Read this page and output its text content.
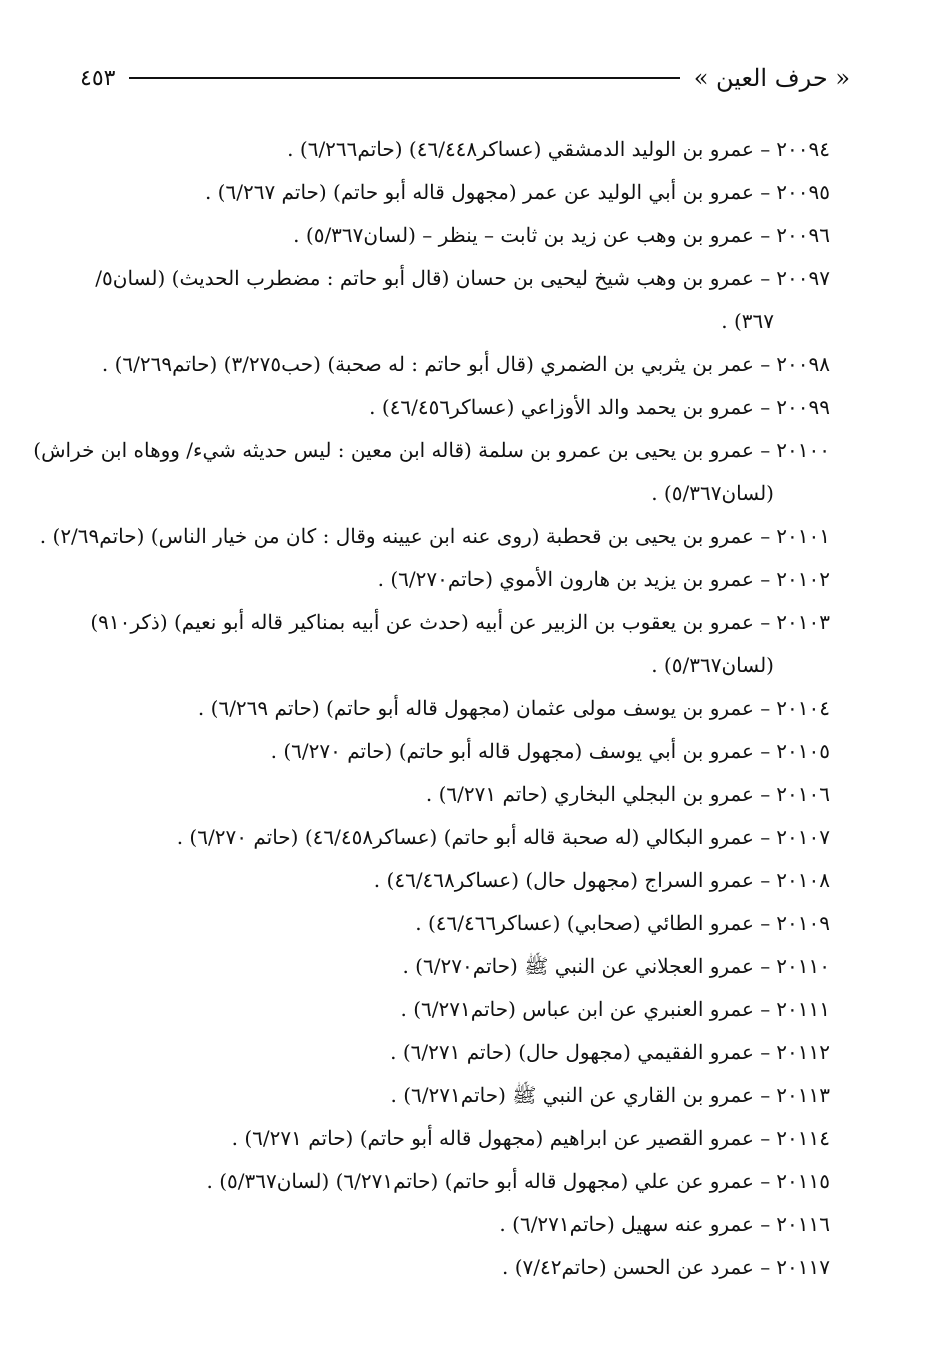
« حرف العين »
٤٥٣
٢٠٠٩٤– عمرو بن الوليد الدمشقي (عساكر٤٦/٤٤٨) (حاتم٦/٢٦٦) .
٢٠٠٩٥– عمرو بن أبي الوليد عن عمر (مجهول قاله أبو حاتم) (حاتم ٦/٢٦٧) .
٢٠٠٩٦– عمرو بن وهب عن زيد بن ثابت – ينظر – (لسان٥/٣٦٧) .
٢٠٠٩٧– عمرو بن وهب شيخ ليحيى بن حسان (قال أبو حاتم : مضطرب الحديث) (لسان٥/
٣٦٧) .
٢٠٠٩٨– عمر بن يثربي بن الضمري (قال أبو حاتم : له صحبة) (حب٣/٢٧٥) (حاتم٦/٢٦٩) .
٢٠٠٩٩– عمرو بن يحمد والد الأوزاعي (عساكر٤٦/٤٥٦) .
٢٠١٠٠– عمرو بن يحيى بن عمرو بن سلمة (قاله ابن معين : ليس حديثه شيء/ ووهاه ابن خراش)
(لسان٥/٣٦٧) .
٢٠١٠١– عمرو بن يحيى بن قحطبة (روى عنه ابن عيينه وقال : كان من خيار الناس) (حاتم٢/٦٩) .
٢٠١٠٢– عمرو بن يزيد بن هارون الأموي (حاتم٦/٢٧٠) .
٢٠١٠٣– عمرو بن يعقوب بن الزبير عن أبيه (حدث عن أبيه بمناكير قاله أبو نعيم) (ذكر٩١٠)
(لسان٥/٣٦٧) .
٢٠١٠٤– عمرو بن يوسف مولى عثمان (مجهول قاله أبو حاتم) (حاتم ٦/٢٦٩) .
٢٠١٠٥– عمرو بن أبي يوسف (مجهول قاله أبو حاتم) (حاتم ٦/٢٧٠) .
٢٠١٠٦– عمرو بن البجلي البخاري (حاتم ٦/٢٧١) .
٢٠١٠٧– عمرو البكالي (له صحبة قاله أبو حاتم) (عساكر٤٦/٤٥٨) (حاتم ٦/٢٧٠) .
٢٠١٠٨– عمرو السراج (مجهول حال) (عساكر٤٦/٤٦٨) .
٢٠١٠٩– عمرو الطائي (صحابي) (عساكر٤٦/٤٦٦) .
٢٠١١٠– عمرو العجلاني عن النبي ﷺ (حاتم٦/٢٧٠) .
٢٠١١١– عمرو العنبري عن ابن عباس (حاتم٦/٢٧١) .
٢٠١١٢– عمرو الفقيمي (مجهول حال) (حاتم ٦/٢٧١) .
٢٠١١٣– عمرو بن القاري عن النبي ﷺ (حاتم٦/٢٧١) .
٢٠١١٤– عمرو القصير عن ابراهيم (مجهول قاله أبو حاتم) (حاتم ٦/٢٧١) .
٢٠١١٥– عمرو عن علي (مجهول قاله أبو حاتم) (حاتم٦/٢٧١) (لسان٥/٣٦٧) .
٢٠١١٦– عمرو عنه سهيل (حاتم٦/٢٧١) .
٢٠١١٧– عمرد عن الحسن (حاتم٧/٤٢) .
